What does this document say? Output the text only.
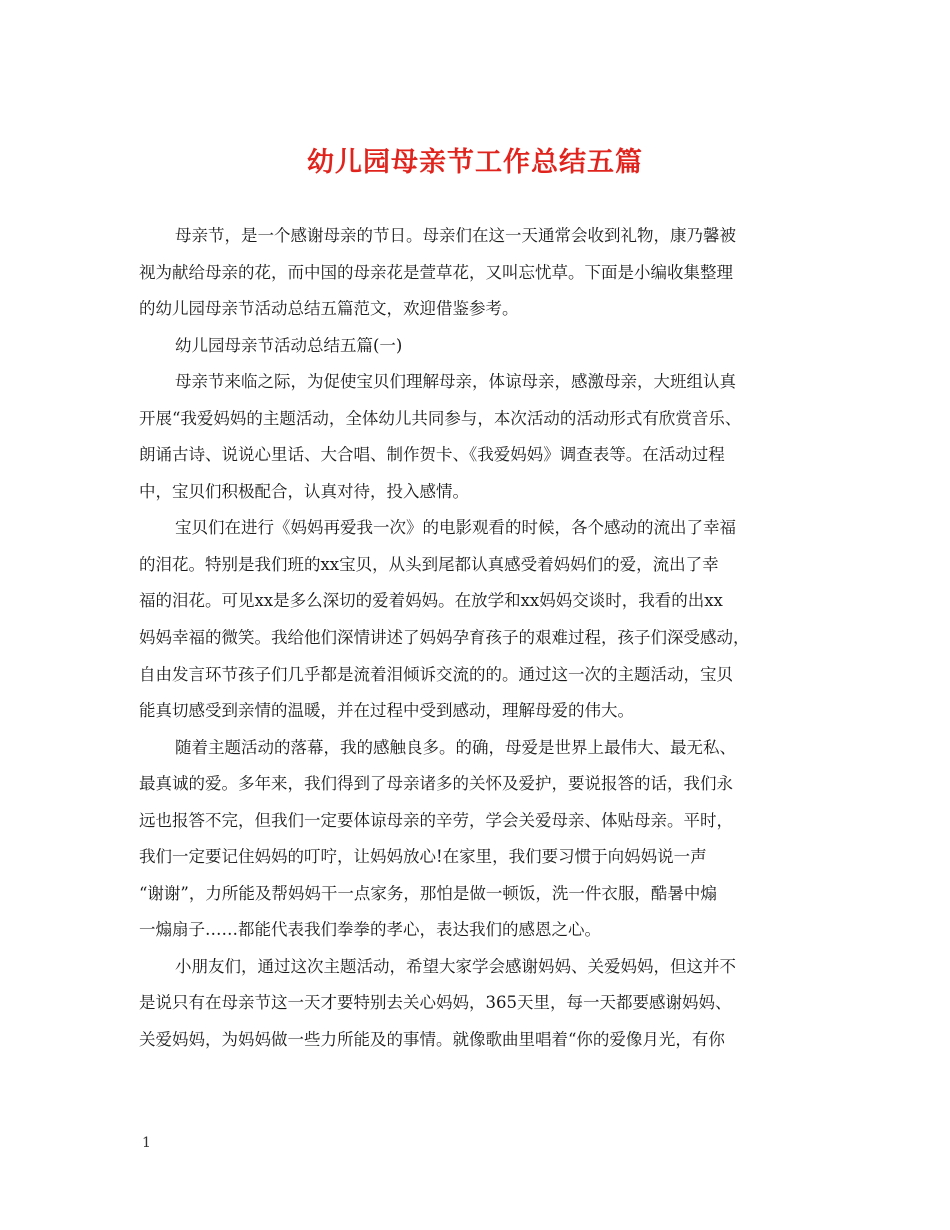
幼儿园母亲节工作总结五篇
母亲节，是一个感谢母亲的节日。母亲们在这一天通常会收到礼物，康乃馨被
视为献给母亲的花，而中国的母亲花是萱草花，又叫忘忧草。下面是小编收集整理
的幼儿园母亲节活动总结五篇范文，欢迎借鉴参考。
幼儿园母亲节活动总结五篇(一)
母亲节来临之际，为促使宝贝们理解母亲，体谅母亲，感激母亲，大班组认真
开展“我爱妈妈的主题活动，全体幼儿共同参与，本次活动的活动形式有欣赏音乐、
朗诵古诗、说说心里话、大合唱、制作贺卡、《我爱妈妈》调查表等。在活动过程
中，宝贝们积极配合，认真对待，投入感情。
宝贝们在进行《妈妈再爱我一次》的电影观看的时候，各个感动的流出了幸福
的泪花。特别是我们班的xx宝贝，从头到尾都认真感受着妈妈们的爱，流出了幸
福的泪花。可见xx是多么深切的爱着妈妈。在放学和xx妈妈交谈时，我看的出xx
妈妈幸福的微笑。我给他们深情讲述了妈妈孕育孩子的艰难过程，孩子们深受感动，
自由发言环节孩子们几乎都是流着泪倾诉交流的的。通过这一次的主题活动，宝贝
能真切感受到亲情的温暖，并在过程中受到感动，理解母爱的伟大。
随着主题活动的落幕，我的感触良多。的确，母爱是世界上最伟大、最无私、
最真诚的爱。多年来，我们得到了母亲诸多的关怀及爱护，要说报答的话，我们永
远也报答不完，但我们一定要体谅母亲的辛劳，学会关爱母亲、体贴母亲。平时，
我们一定要记住妈妈的叮咛，让妈妈放心!在家里，我们要习惯于向妈妈说一声
“谢谢”，力所能及帮妈妈干一点家务，那怕是做一顿饭，洗一件衣服，酷暑中煽
一煽扇子……都能代表我们拳拳的孝心，表达我们的感恩之心。
小朋友们，通过这次主题活动，希望大家学会感谢妈妈、关爱妈妈，但这并不
是说只有在母亲节这一天才要特别去关心妈妈，365天里，每一天都要感谢妈妈、
关爱妈妈，为妈妈做一些力所能及的事情。就像歌曲里唱着“你的爱像月光，有你
1
